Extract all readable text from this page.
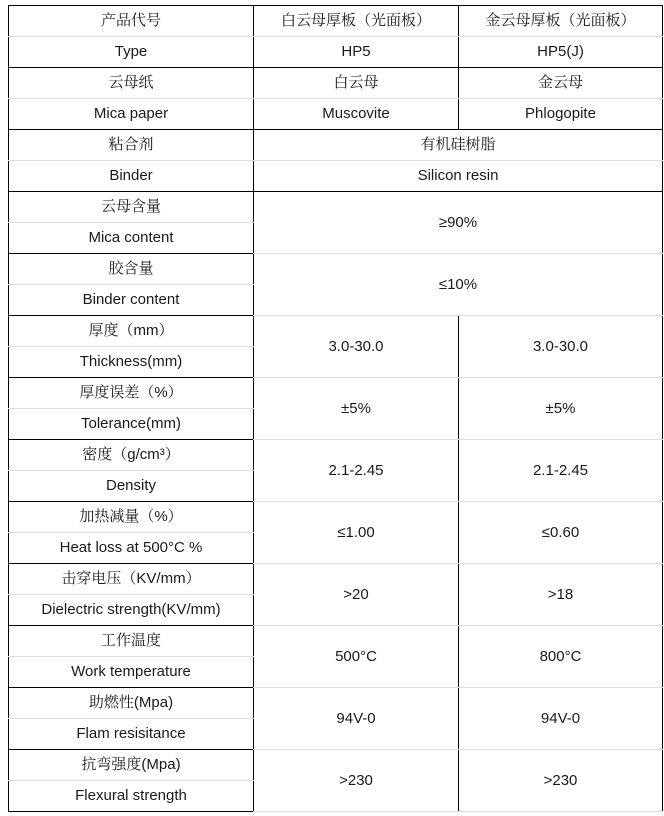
产品代号	白云母厚板（光面板）	金云母厚板（光面板）
Type	HP5	HP5(J)
云母纸	白云母	金云母
Mica paper	Muscovite	Phlogopite
粘合剂	有机硅树脂	
Binder	Silicon resin	
云母含量	≥90%	
Mica content		
胶含量	≤10%	
Binder content		
厚度（mm）	3.0-30.0	3.0-30.0
Thickness(mm)		
厚度误差（%）	±5%	±5%
Tolerance(mm)		
密度（g/cm³）	2.1-2.45	2.1-2.45
Density		
加热减量（%）	≤1.00	≤0.60
Heat loss at 500°C %		
击穿电压（KV/mm）	>20	>18
Dielectric strength(KV/mm)		
工作温度	500°C	800°C
Work temperature		
助燃性(Mpa)	94V-0	94V-0
Flam resisitance		
抗弯强度(Mpa)	>230	>230
Flexural strength		
